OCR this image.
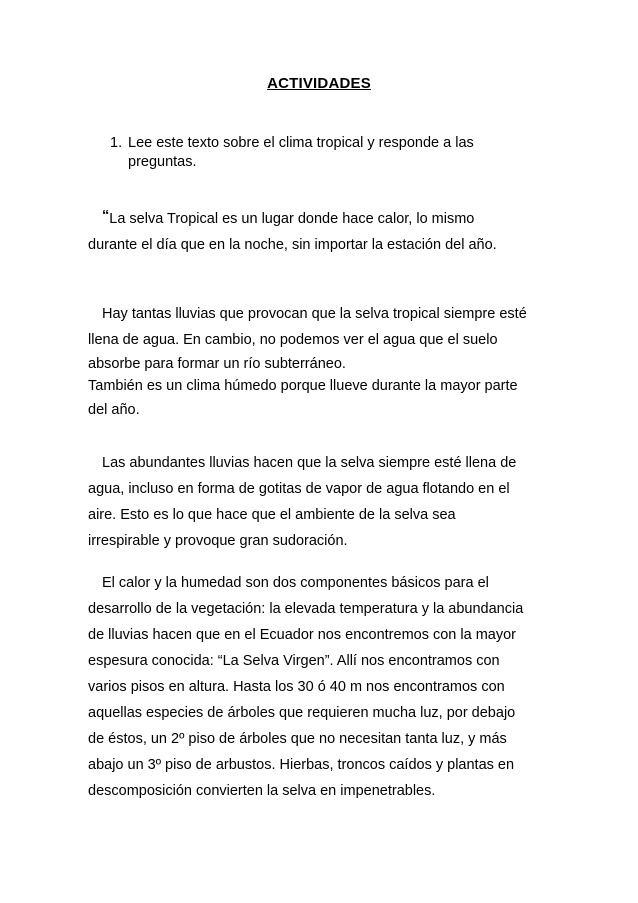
ACTIVIDADES
1. Lee este texto sobre el clima tropical y responde a las
preguntas.
“La selva Tropical es un lugar donde hace calor, lo mismo
durante el día que en la noche, sin importar la estación del año.
Hay tantas lluvias que provocan que la selva tropical siempre esté
llena de agua. En cambio, no podemos ver el agua que el suelo
absorbe para formar un río subterráneo.
También es un clima húmedo porque llueve durante la mayor parte
del año.
Las abundantes lluvias hacen que la selva siempre esté llena de
agua, incluso en forma de gotitas de vapor de agua flotando en el
aire. Esto es lo que hace que el ambiente de la selva sea
irrespirable y provoque gran sudoración.
El calor y la humedad son dos componentes básicos para el
desarrollo de la vegetación: la elevada temperatura y la abundancia
de lluvias hacen que en el Ecuador nos encontremos con la mayor
espesura conocida: “La Selva Virgen”. Allí nos encontramos con
varios pisos en altura. Hasta los 30 ó 40 m nos encontramos con
aquellas especies de árboles que requieren mucha luz, por debajo
de éstos, un 2º piso de árboles que no necesitan tanta luz, y más
abajo un 3º piso de arbustos. Hierbas, troncos caídos y plantas en
descomposición convierten la selva en impenetrables.
